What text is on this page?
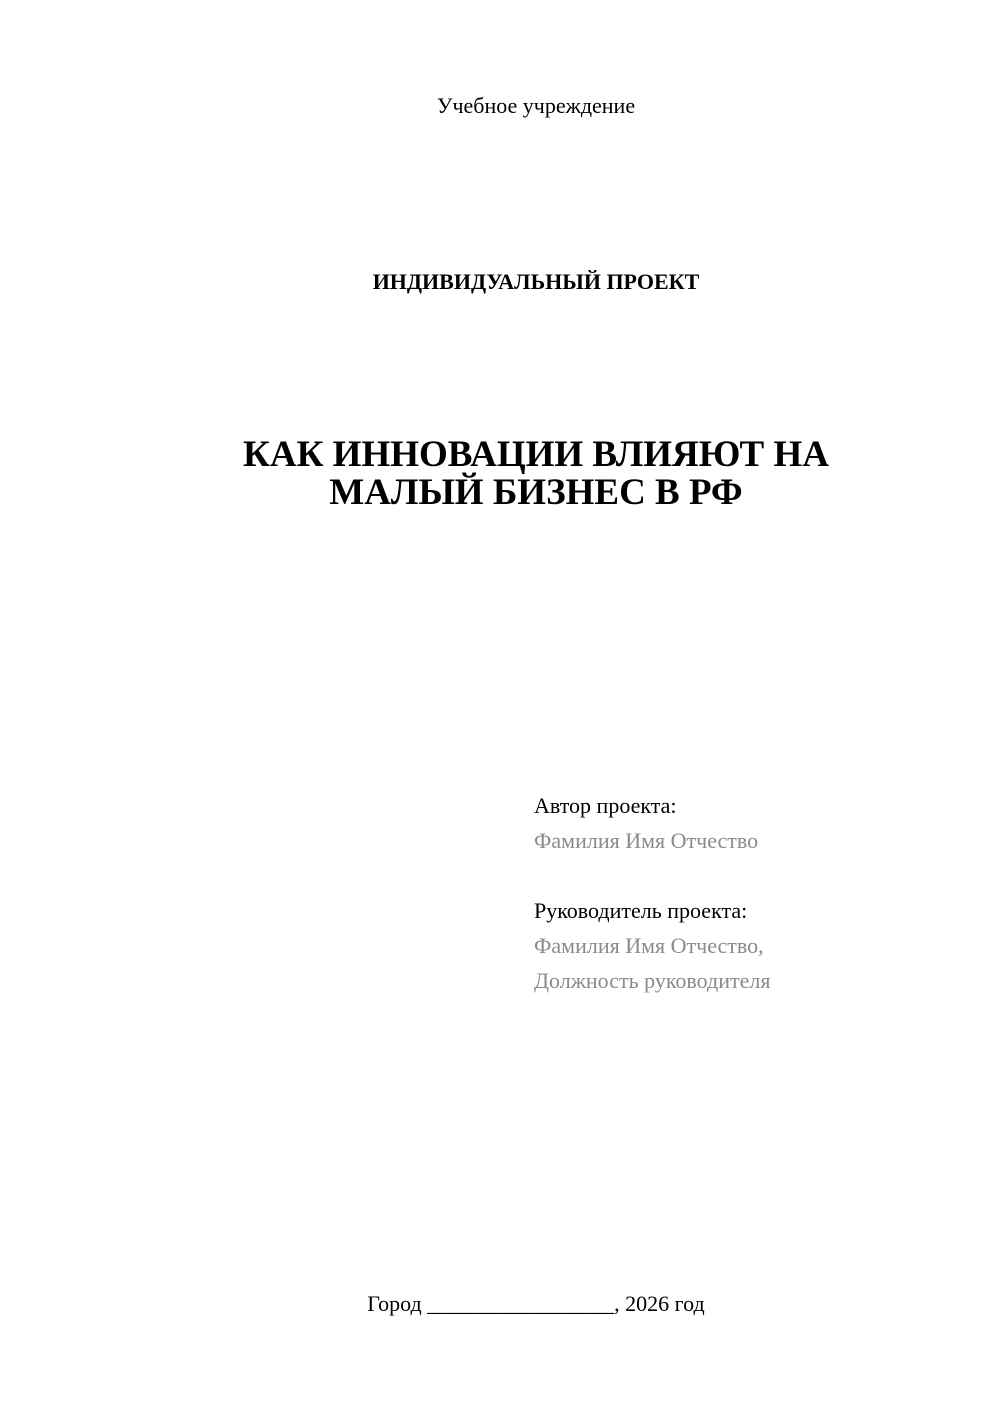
Учебное учреждение
ИНДИВИДУАЛЬНЫЙ ПРОЕКТ
КАК ИННОВАЦИИ ВЛИЯЮТ НА
МАЛЫЙ БИЗНЕС В РФ
Автор проекта:
Фамилия Имя Отчество
Руководитель проекта:
Фамилия Имя Отчество,
Должность руководителя
Город _________________, 2026 год
